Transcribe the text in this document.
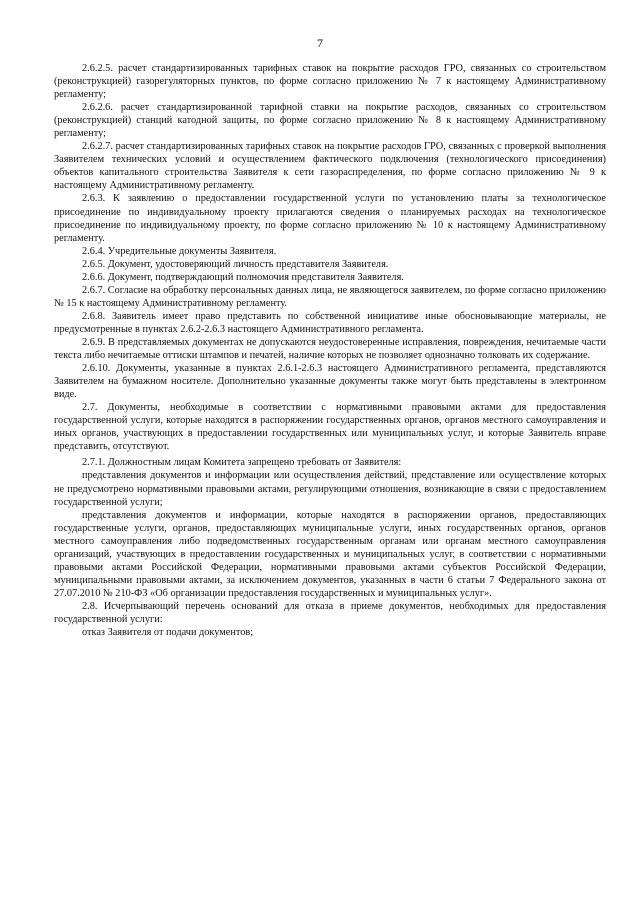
7

2.6.2.5. расчет стандартизированных тарифных ставок на покрытие расходов ГРО, связанных со строительством (реконструкцией) газорегуляторных пунктов, по форме согласно приложению № 7 к настоящему Административному регламенту;

2.6.2.6. расчет стандартизированной тарифной ставки на покрытие расходов, связанных со строительством (реконструкцией) станций катодной защиты, по форме согласно приложению № 8 к настоящему Административному регламенту;

2.6.2.7. расчет стандартизированных тарифных ставок на покрытие расходов ГРО, связанных с проверкой выполнения Заявителем технических условий и осуществлением фактического подключения (технологического присоединения) объектов капитального строительства Заявителя к сети газораспределения, по форме согласно приложению № 9 к настоящему Административному регламенту.

2.6.3. К заявлению о предоставлении государственной услуги по установлению платы за технологическое присоединение по индивидуальному проекту прилагаются сведения о планируемых расходах на технологическое присоединение по индивидуальному проекту, по форме согласно приложению № 10 к настоящему Административному регламенту.

2.6.4. Учредительные документы Заявителя.

2.6.5. Документ, удостоверяющий личность представителя Заявителя.

2.6.6. Документ, подтверждающий полномочия представителя Заявителя.

2.6.7. Согласие на обработку персональных данных лица, не являющегося заявителем, по форме согласно приложению № 15 к настоящему Административному регламенту.

2.6.8. Заявитель имеет право представить по собственной инициативе иные обосновывающие материалы, не предусмотренные в пунктах 2.6.2-2.6.3 настоящего Административного регламента.

2.6.9. В представляемых документах не допускаются неудостоверенные исправления, повреждения, нечитаемые части текста либо нечитаемые оттиски штампов и печатей, наличие которых не позволяет однозначно толковать их содержание.

2.6.10. Документы, указанные в пунктах 2.6.1-2.6.3 настоящего Административного регламента, представляются Заявителем на бумажном носителе. Дополнительно указанные документы также могут быть представлены в электронном виде.

2.7. Документы, необходимые в соответствии с нормативными правовыми актами для предоставления государственной услуги, которые находятся в распоряжении государственных органов, органов местного самоуправления и иных органов, участвующих в предоставлении государственных или муниципальных услуг, и которые Заявитель вправе представить, отсутствуют.

2.7.1. Должностным лицам Комитета запрещено требовать от Заявителя:

представления документов и информации или осуществления действий, представление или осуществление которых не предусмотрено нормативными правовыми актами, регулирующими отношения, возникающие в связи с предоставлением государственной услуги;

представления документов и информации, которые находятся в распоряжении органов, предоставляющих государственные услуги, органов, предоставляющих муниципальные услуги, иных государственных органов, органов местного самоуправления либо подведомственных государственным органам или органам местного самоуправления организаций, участвующих в предоставлении государственных и муниципальных услуг, в соответствии с нормативными правовыми актами Российской Федерации, нормативными правовыми актами субъектов Российской Федерации, муниципальными правовыми актами, за исключением документов, указанных в части 6 статьи 7 Федерального закона от 27.07.2010 № 210-ФЗ «Об организации предоставления государственных и муниципальных услуг».

2.8. Исчерпывающий перечень оснований для отказа в приеме документов, необходимых для предоставления государственной услуги:

отказ Заявителя от подачи документов;
